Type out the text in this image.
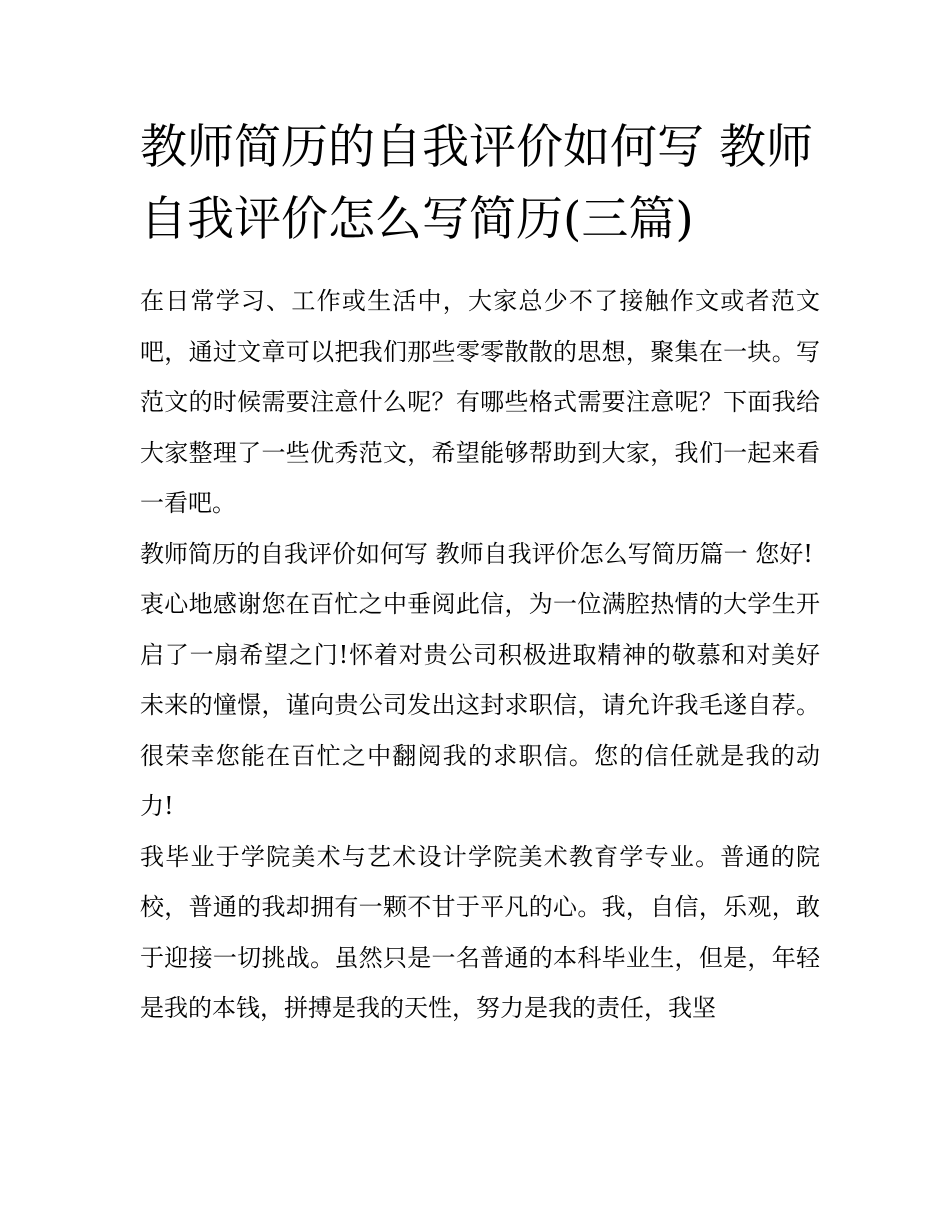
教师简历的自我评价如何写 教师自我评价怎么写简历(三篇)

在日常学习、工作或生活中，大家总少不了接触作文或者范文吧，通过文章可以把我们那些零零散散的思想，聚集在一块。写范文的时候需要注意什么呢？有哪些格式需要注意呢？下面我给大家整理了一些优秀范文，希望能够帮助到大家，我们一起来看一看吧。

教师简历的自我评价如何写 教师自我评价怎么写简历篇一 您好!

衷心地感谢您在百忙之中垂阅此信，为一位满腔热情的大学生开启了一扇希望之门!怀着对贵公司积极进取精神的敬慕和对美好未来的憧憬，谨向贵公司发出这封求职信，请允许我毛遂自荐。很荣幸您能在百忙之中翻阅我的求职信。您的信任就是我的动力!

我毕业于学院美术与艺术设计学院美术教育学专业。普通的院校，普通的我却拥有一颗不甘于平凡的心。我，自信，乐观，敢于迎接一切挑战。虽然只是一名普通的本科毕业生，但是，年轻是我的本钱，拼搏是我的天性，努力是我的责任，我坚
